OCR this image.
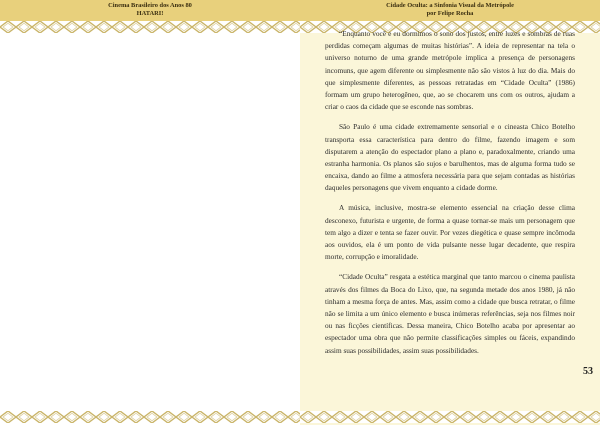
Cinema Brasileiro dos Anos 80
HATARI!
Cidade Oculta: a Sinfonia Visual da Metrópole
por Felipe Rocha

“Enquanto você e eu dormimos o sono dos justos, entre luzes e sombras de ruas perdidas começam algumas de muitas histórias”. A ideia de representar na tela o universo noturno de uma grande metrópole implica a presença de personagens incomuns, que agem diferente ou simplesmente não são vistos à luz do dia. Mais do que simplesmente diferentes, as pessoas retratadas em “Cidade Oculta” (1986) formam um grupo heterogêneo, que, ao se chocarem uns com os outros, ajudam a criar o caos da cidade que se esconde nas sombras.

São Paulo é uma cidade extremamente sensorial e o cineasta Chico Botelho transporta essa característica para dentro do filme, fazendo imagem e som disputarem a atenção do espectador plano a plano e, paradoxalmente, criando uma estranha harmonia. Os planos são sujos e barulhentos, mas de alguma forma tudo se encaixa, dando ao filme a atmosfera necessária para que sejam contadas as histórias daqueles personagens que vivem enquanto a cidade dorme.

A música, inclusive, mostra-se elemento essencial na criação desse clima desconexo, futurista e urgente, de forma a quase tornar-se mais um personagem que tem algo a dizer e tenta se fazer ouvir. Por vezes diegética e quase sempre incômoda aos ouvidos, ela é um ponto de vida pulsante nesse lugar decadente, que respira morte, corrupção e imoralidade.

“Cidade Oculta” resgata a estética marginal que tanto marcou o cinema paulista através dos filmes da Boca do Lixo, que, na segunda metade dos anos 1980, já não tinham a mesma força de antes. Mas, assim como a cidade que busca retratar, o filme não se limita a um único elemento e busca inúmeras referências, seja nos filmes noir ou nas ficções científicas. Dessa maneira, Chico Botelho acaba por apresentar ao espectador uma obra que não permite classificações simples ou fáceis, expandindo assim suas possibilidades, assim suas possibilidades.

53
